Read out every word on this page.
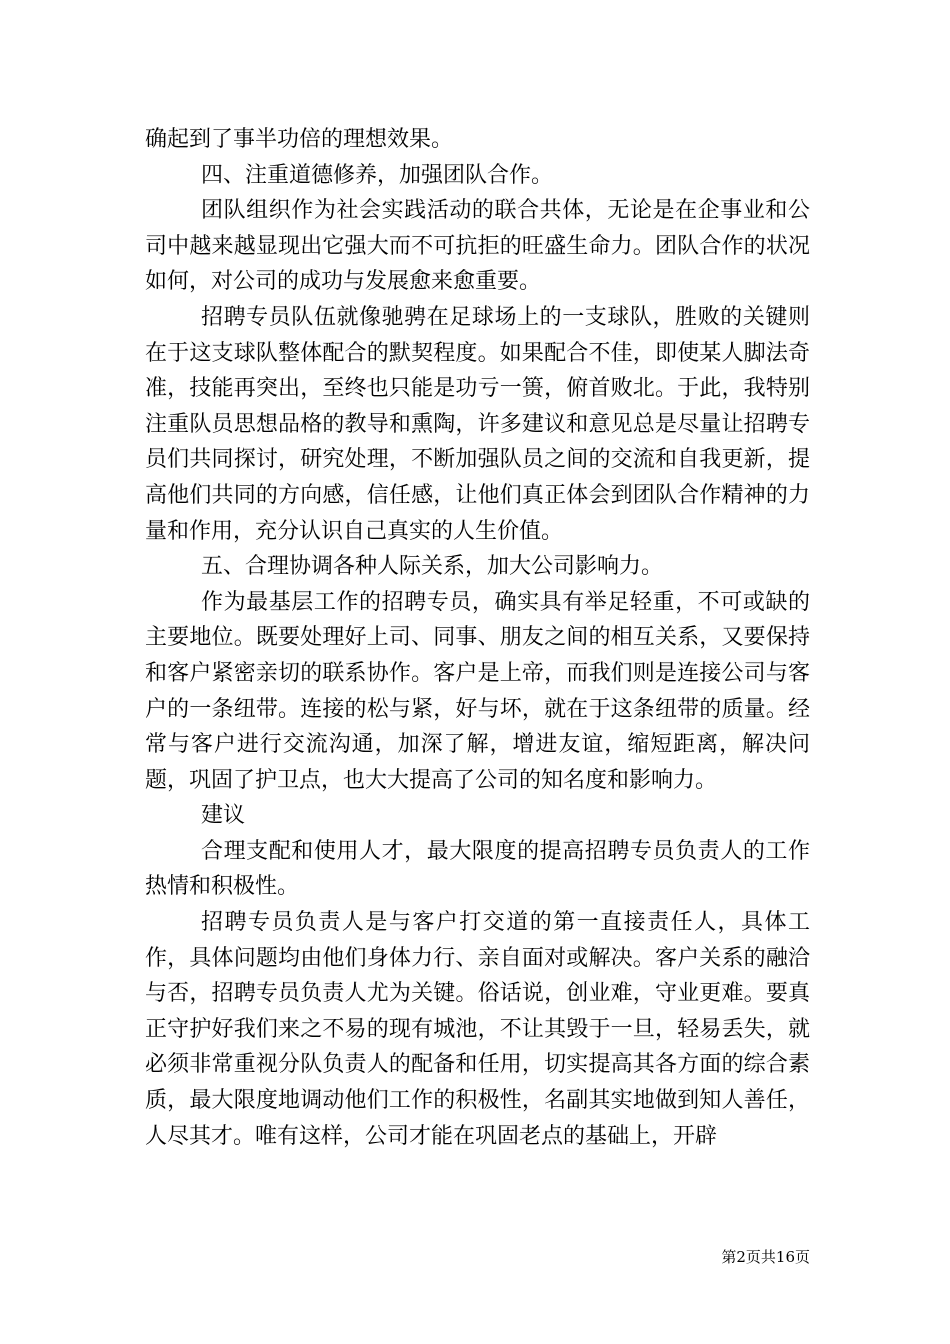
确起到了事半功倍的理想效果。

四、注重道德修养，加强团队合作。

团队组织作为社会实践活动的联合共体，无论是在企事业和公司中越来越显现出它强大而不可抗拒的旺盛生命力。团队合作的状况如何，对公司的成功与发展愈来愈重要。

招聘专员队伍就像驰骋在足球场上的一支球队，胜败的关键则在于这支球队整体配合的默契程度。如果配合不佳，即使某人脚法奇准，技能再突出，至终也只能是功亏一篑，俯首败北。于此，我特别注重队员思想品格的教导和熏陶，许多建议和意见总是尽量让招聘专员们共同探讨，研究处理，不断加强队员之间的交流和自我更新，提高他们共同的方向感，信任感，让他们真正体会到团队合作精神的力量和作用，充分认识自己真实的人生价值。

五、合理协调各种人际关系，加大公司影响力。

作为最基层工作的招聘专员，确实具有举足轻重，不可或缺的主要地位。既要处理好上司、同事、朋友之间的相互关系，又要保持和客户紧密亲切的联系协作。客户是上帝，而我们则是连接公司与客户的一条纽带。连接的松与紧，好与坏，就在于这条纽带的质量。经常与客户进行交流沟通，加深了解，增进友谊，缩短距离，解决问题，巩固了护卫点，也大大提高了公司的知名度和影响力。

建议

合理支配和使用人才，最大限度的提高招聘专员负责人的工作热情和积极性。

招聘专员负责人是与客户打交道的第一直接责任人，具体工作，具体问题均由他们身体力行、亲自面对或解决。客户关系的融洽与否，招聘专员负责人尤为关键。俗话说，创业难，守业更难。要真正守护好我们来之不易的现有城池，不让其毁于一旦，轻易丢失，就必须非常重视分队负责人的配备和任用，切实提高其各方面的综合素质，最大限度地调动他们工作的积极性，名副其实地做到知人善任，人尽其才。唯有这样，公司才能在巩固老点的基础上，开辟

第2页共16页
